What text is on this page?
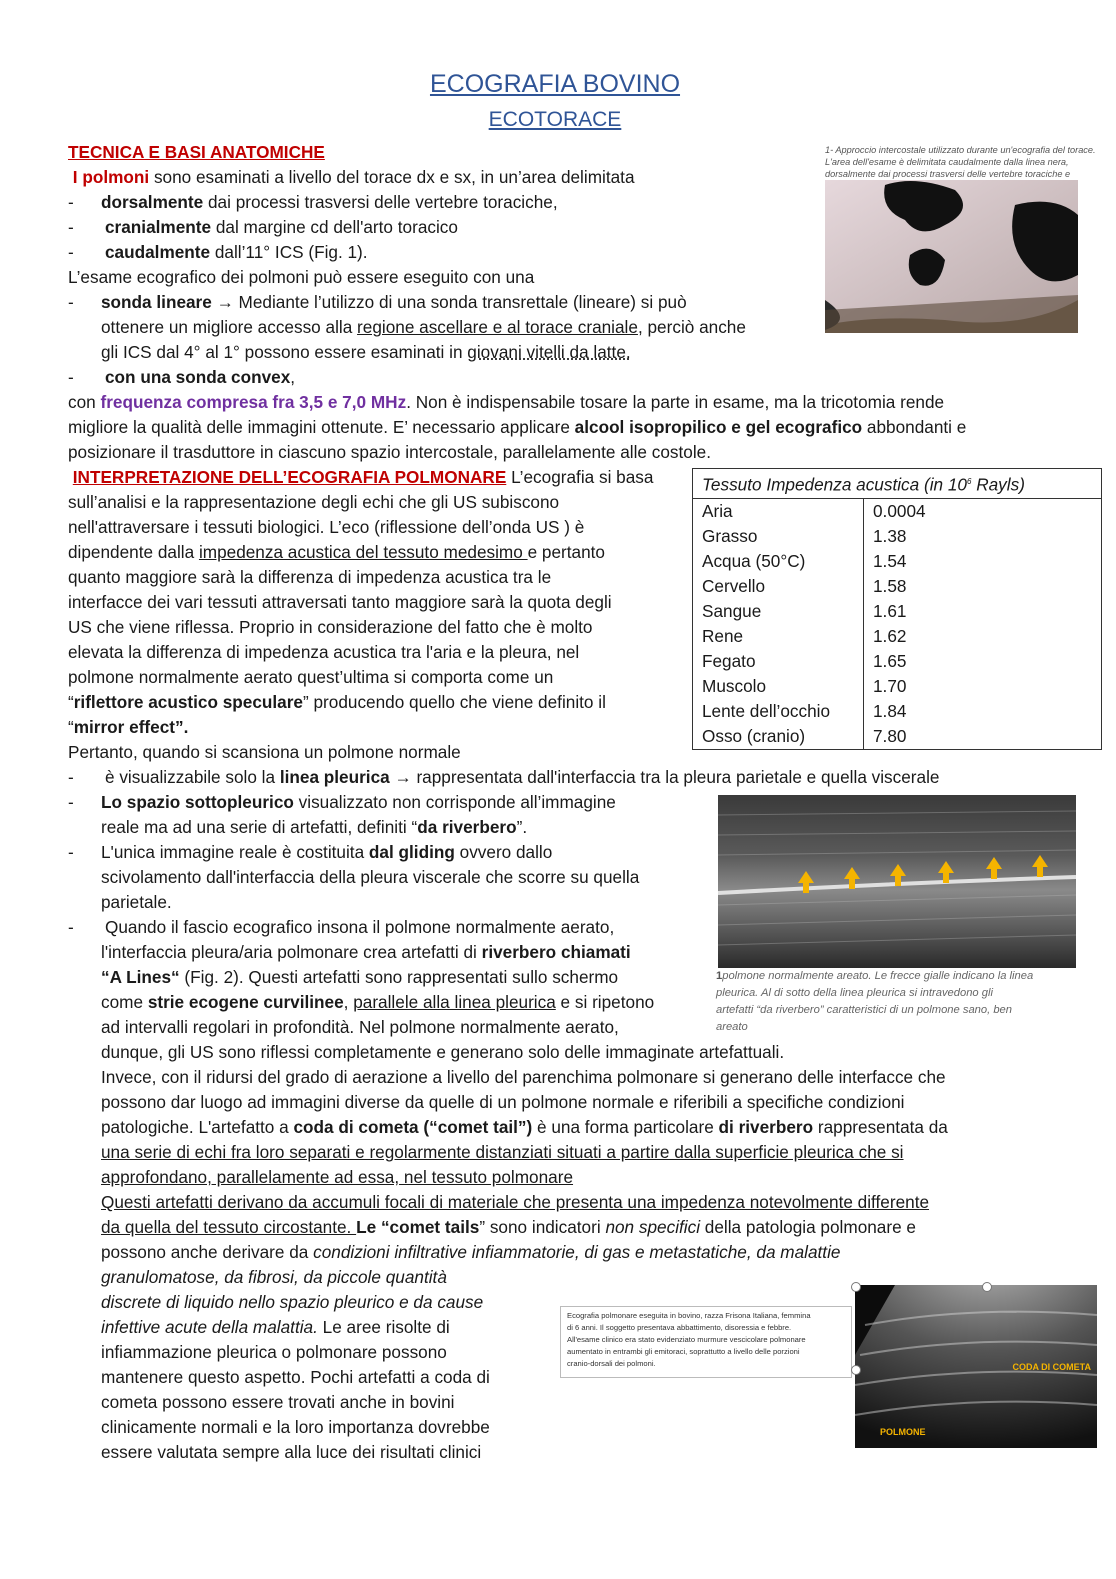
ECOGRAFIA BOVINO
ECOTORACE
TECNICA E BASI ANATOMICHE
I polmoni sono esaminati a livello del torace dx e sx, in un’area delimitata
- dorsalmente dai processi trasversi delle vertebre toraciche,
- cranialmente dal margine cd dell'arto toracico
- caudalmente dall’11° ICS (Fig. 1).
L’esame ecografico dei polmoni può essere eseguito con una
- sonda lineare → Mediante l’utilizzo di una sonda transrettale (lineare) si può
ottenere un migliore accesso alla regione ascellare e al torace craniale, perciò anche
gli ICS dal 4° al 1° possono essere esaminati in giovani vitelli da latte.
- con una sonda convex,
con frequenza compresa fra 3,5 e 7,0 MHz. Non è indispensabile tosare la parte in esame, ma la tricotomia rende
migliore la qualità delle immagini ottenute. E’ necessario applicare alcool isopropilico e gel ecografico abbondanti e
posizionare il trasduttore in ciascuno spazio intercostale, parallelamente alle costole.
1- Approccio intercostale utilizzato durante un'ecografia del torace.
L'area dell'esame è delimitata caudalmente dalla linea nera,
dorsalmente dai processi trasversi delle vertebre toraciche e
INTERPRETAZIONE DELL’ECOGRAFIA POLMONARE L’ecografia si basa
sull’analisi e la rappresentazione degli echi che gli US subiscono
nell'attraversare i tessuti biologici. L’eco (riflessione dell’onda US ) è
dipendente dalla impedenza acustica del tessuto medesimo e pertanto
quanto maggiore sarà la differenza di impedenza acustica tra le
interfacce dei vari tessuti attraversati tanto maggiore sarà la quota degli
US che viene riflessa. Proprio in considerazione del fatto che è molto
elevata la differenza di impedenza acustica tra l'aria e la pleura, nel
polmone normalmente aerato quest’ultima si comporta come un
“riflettore acustico speculare” producendo quello che viene definito il
“mirror effect”.
Pertanto, quando si scansiona un polmone normale
- è visualizzabile solo la linea pleurica → rappresentata dall'interfaccia tra la pleura parietale e quella viscerale
- Lo spazio sottopleurico visualizzato non corrisponde all’immagine
reale ma ad una serie di artefatti, definiti “da riverbero”.
- L'unica immagine reale è costituita dal gliding ovvero dallo
scivolamento dall'interfaccia della pleura viscerale che scorre su quella
parietale.
- Quando il fascio ecografico insona il polmone normalmente aerato,
l'interfaccia pleura/aria polmonare crea artefatti di riverbero chiamati
“A Lines“ (Fig. 2). Questi artefatti sono rappresentati sullo schermo
come strie ecogene curvilinee, parallele alla linea pleurica e si ripetono
ad intervalli regolari in profondità. Nel polmone normalmente aerato,
dunque, gli US sono riflessi completamente e generano solo delle immaginate artefattuali.
Invece, con il ridursi del grado di aerazione a livello del parenchima polmonare si generano delle interfacce che
possono dar luogo ad immagini diverse da quelle di un polmone normale e riferibili a specifiche condizioni
patologiche. L'artefatto a coda di cometa (“comet tail”) è una forma particolare di riverbero rappresentata da
una serie di echi fra loro separati e regolarmente distanziati situati a partire dalla superficie pleurica che si
approfondano, parallelamente ad essa, nel tessuto polmonare
Questi artefatti derivano da accumuli focali di materiale che presenta una impedenza notevolmente differente
da quella del tessuto circostante. Le “comet tails” sono indicatori non specifici della patologia polmonare e
possono anche derivare da condizioni infiltrative infiammatorie, di gas e metastatiche, da malattie
granulomatose, da fibrosi, da piccole quantità
discrete di liquido nello spazio pleurico e da cause
infettive acute della malattia. Le aree risolte di
infiammazione pleurica o polmonare possono
mantenere questo aspetto. Pochi artefatti a coda di
cometa possono essere trovati anche in bovini
clinicamente normali e la loro importanza dovrebbe
essere valutata sempre alla luce dei risultati clinici
Tessuto Impedenza acustica (in $10^6$ Rayls)	
Aria	0.0004
Grasso	1.38
Acqua (50°C)	1.54
Cervello	1.58
Sangue	1.61
Rene	1.62
Fegato	1.65
Muscolo	1.70
Lente dell’occhio	1.84
Osso (cranio)	7.80
1polmone normalmente areato. Le frecce gialle indicano la linea
pleurica. Al di sotto della linea pleurica si intravedono gli
artefatti “da riverbero” caratteristici di un polmone sano, ben
areato
Ecografia polmonare eseguita in bovino, razza Frisona Italiana, femmina
di 6 anni. Il soggetto presentava abbattimento, disoressia e febbre.
All'esame clinico era stato evidenziato murmure vescicolare polmonare
aumentato in entrambi gli emitoraci, soprattutto a livello delle porzioni
cranio-dorsali dei polmoni.	CODA DI COMETA
POLMONE
